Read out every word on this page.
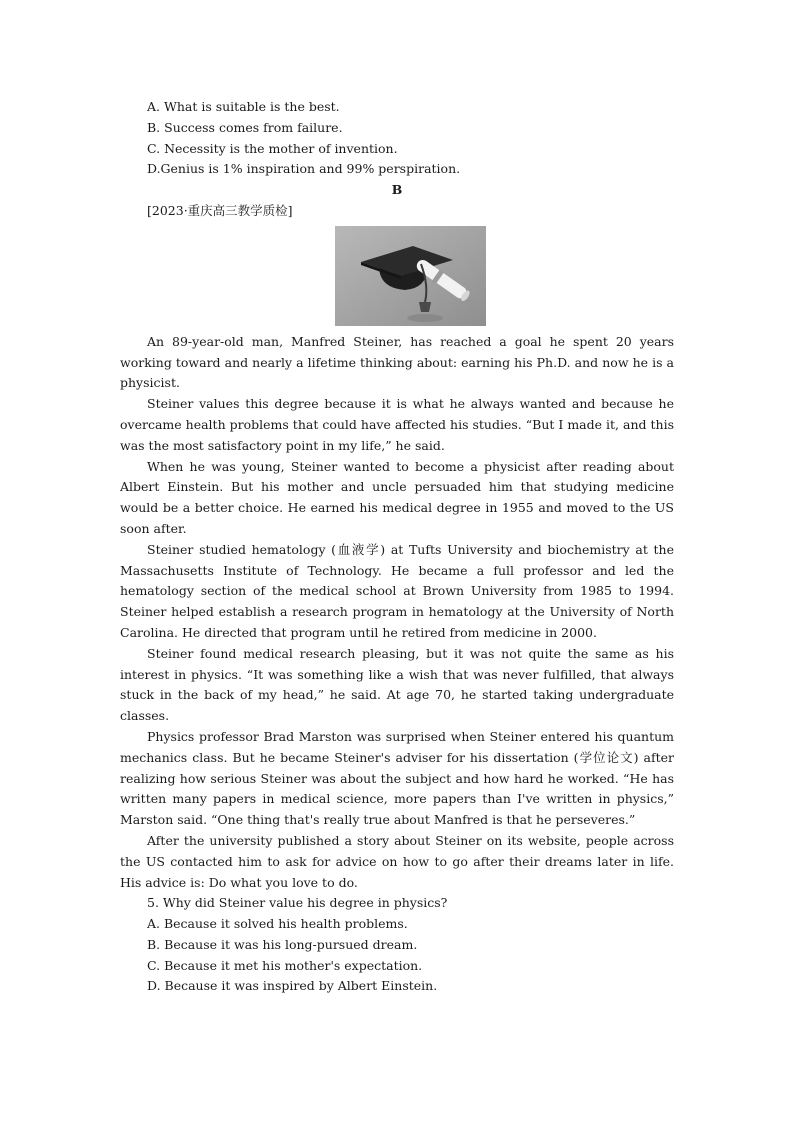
A. What is suitable is the best.
B. Success comes from failure.
C. Necessity is the mother of invention.
D.Genius is 1% inspiration and 99% perspiration.
B
[2023·重庆高三教学质检]

An 89-year-old man, Manfred Steiner, has reached a goal he spent 20 years working toward and nearly a lifetime thinking about: earning his Ph.D. and now he is a physicist.

Steiner values this degree because it is what he always wanted and because he overcame health problems that could have affected his studies. “But I made it, and this was the most satisfactory point in my life,” he said.

When he was young, Steiner wanted to become a physicist after reading about Albert Einstein. But his mother and uncle persuaded him that studying medicine would be a better choice. He earned his medical degree in 1955 and moved to the US soon after.

Steiner studied hematology (血液学) at Tufts University and biochemistry at the Massachusetts Institute of Technology. He became a full professor and led the hematology section of the medical school at Brown University from 1985 to 1994. Steiner helped establish a research program in hematology at the University of North Carolina. He directed that program until he retired from medicine in 2000.

Steiner found medical research pleasing, but it was not quite the same as his interest in physics. “It was something like a wish that was never fulfilled, that always stuck in the back of my head,” he said. At age 70, he started taking undergraduate classes.

Physics professor Brad Marston was surprised when Steiner entered his quantum mechanics class. But he became Steiner's adviser for his dissertation (学位论文) after realizing how serious Steiner was about the subject and how hard he worked. “He has written many papers in medical science, more papers than I've written in physics,” Marston said. “One thing that's really true about Manfred is that he perseveres.”

After the university published a story about Steiner on its website, people across the US contacted him to ask for advice on how to go after their dreams later in life. His advice is: Do what you love to do.

5. Why did Steiner value his degree in physics?
A. Because it solved his health problems.
B. Because it was his long-pursued dream.
C. Because it met his mother's expectation.
D. Because it was inspired by Albert Einstein.
